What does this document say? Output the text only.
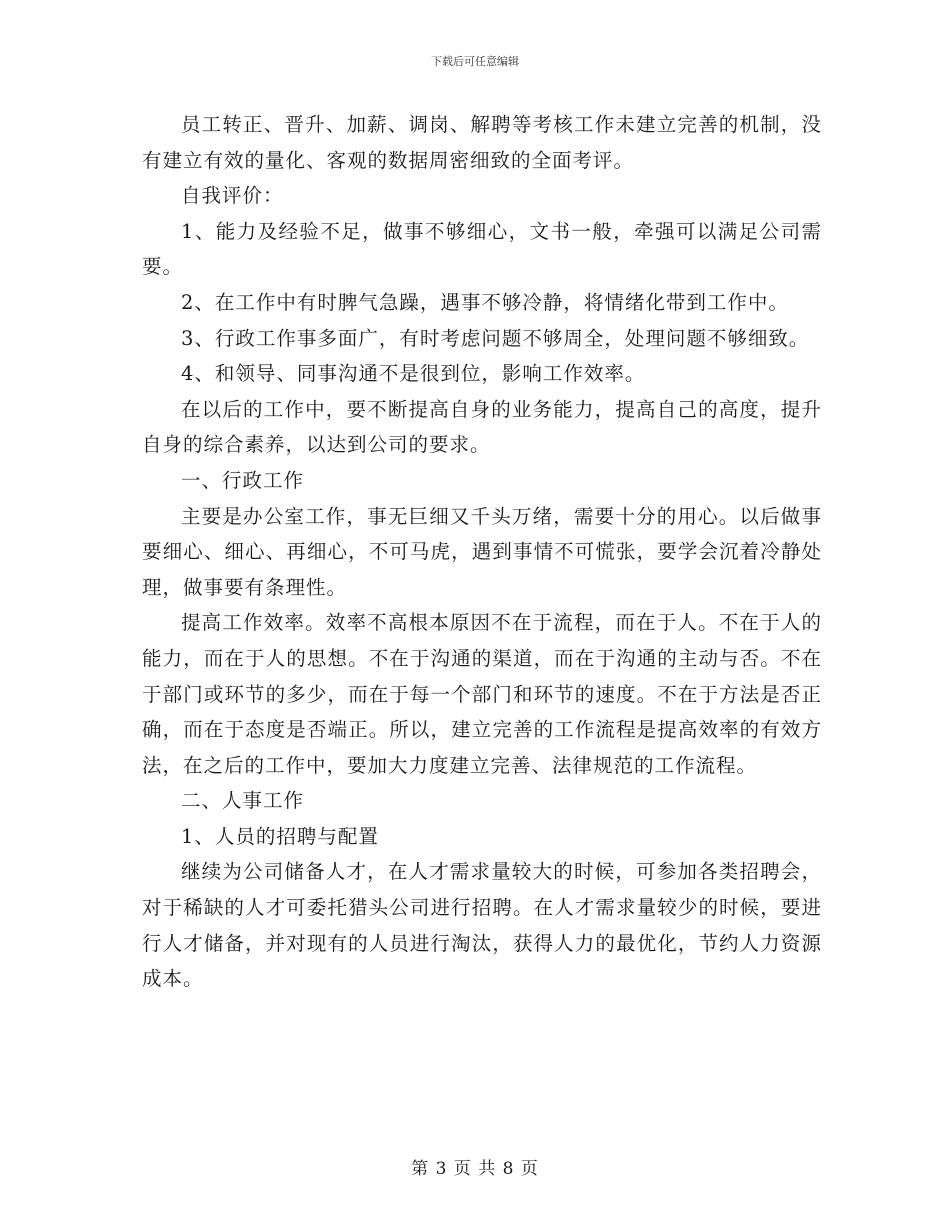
下载后可任意编辑

员工转正、晋升、加薪、调岗、解聘等考核工作未建立完善的机制，没有建立有效的量化、客观的数据周密细致的全面考评。

自我评价：

1、能力及经验不足，做事不够细心，文书一般，牵强可以满足公司需要。

2、在工作中有时脾气急躁，遇事不够冷静，将情绪化带到工作中。

3、行政工作事多面广，有时考虑问题不够周全，处理问题不够细致。

4、和领导、同事沟通不是很到位，影响工作效率。

在以后的工作中，要不断提高自身的业务能力，提高自己的高度，提升自身的综合素养，以达到公司的要求。

一、行政工作

主要是办公室工作，事无巨细又千头万绪，需要十分的用心。以后做事要细心、细心、再细心，不可马虎，遇到事情不可慌张，要学会沉着冷静处理，做事要有条理性。

提高工作效率。效率不高根本原因不在于流程，而在于人。不在于人的能力，而在于人的思想。不在于沟通的渠道，而在于沟通的主动与否。不在于部门或环节的多少，而在于每一个部门和环节的速度。不在于方法是否正确，而在于态度是否端正。所以，建立完善的工作流程是提高效率的有效方法，在之后的工作中，要加大力度建立完善、法律规范的工作流程。

二、人事工作

1、人员的招聘与配置

继续为公司储备人才，在人才需求量较大的时候，可参加各类招聘会，对于稀缺的人才可委托猎头公司进行招聘。在人才需求量较少的时候，要进行人才储备，并对现有的人员进行淘汰，获得人力的最优化，节约人力资源成本。

第 3 页 共 8 页
